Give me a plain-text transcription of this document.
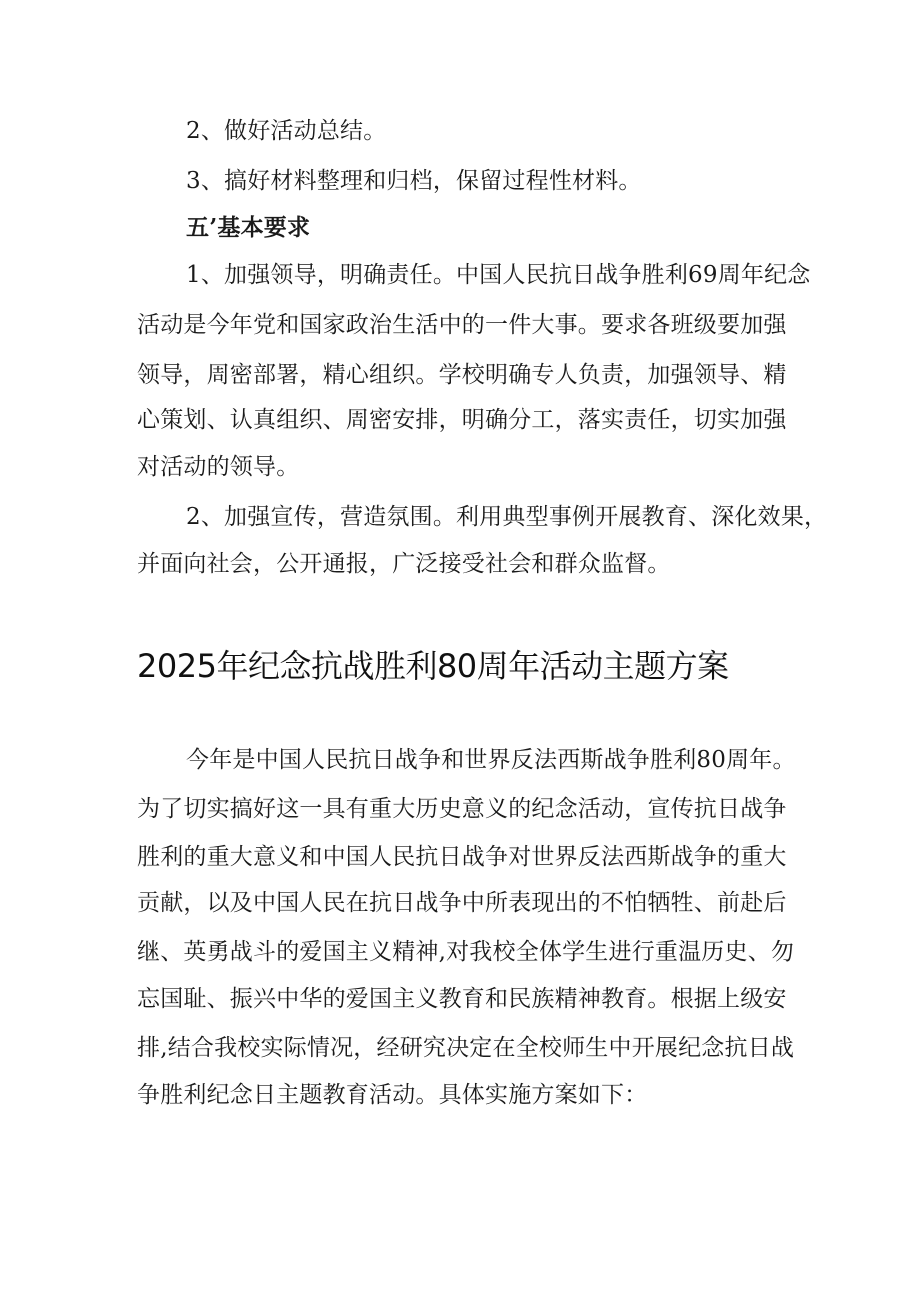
2、做好活动总结。
3、搞好材料整理和归档，保留过程性材料。
五’基本要求
1、加强领导，明确责任。中国人民抗日战争胜利69周年纪念
活动是今年党和国家政治生活中的一件大事。要求各班级要加强
领导，周密部署，精心组织。学校明确专人负责，加强领导、精
心策划、认真组织、周密安排，明确分工，落实责任，切实加强
对活动的领导。
2、加强宣传，营造氛围。利用典型事例开展教育、深化效果，
并面向社会，公开通报，广泛接受社会和群众监督。
2025年纪念抗战胜利80周年活动主题方案
今年是中国人民抗日战争和世界反法西斯战争胜利80周年。
为了切实搞好这一具有重大历史意义的纪念活动，宣传抗日战争
胜利的重大意义和中国人民抗日战争对世界反法西斯战争的重大
贡献，以及中国人民在抗日战争中所表现出的不怕牺牲、前赴后
继、英勇战斗的爱国主义精神,对我校全体学生进行重温历史、勿
忘国耻、振兴中华的爱国主义教育和民族精神教育。根据上级安
排,结合我校实际情况，经研究决定在全校师生中开展纪念抗日战
争胜利纪念日主题教育活动。具体实施方案如下：
